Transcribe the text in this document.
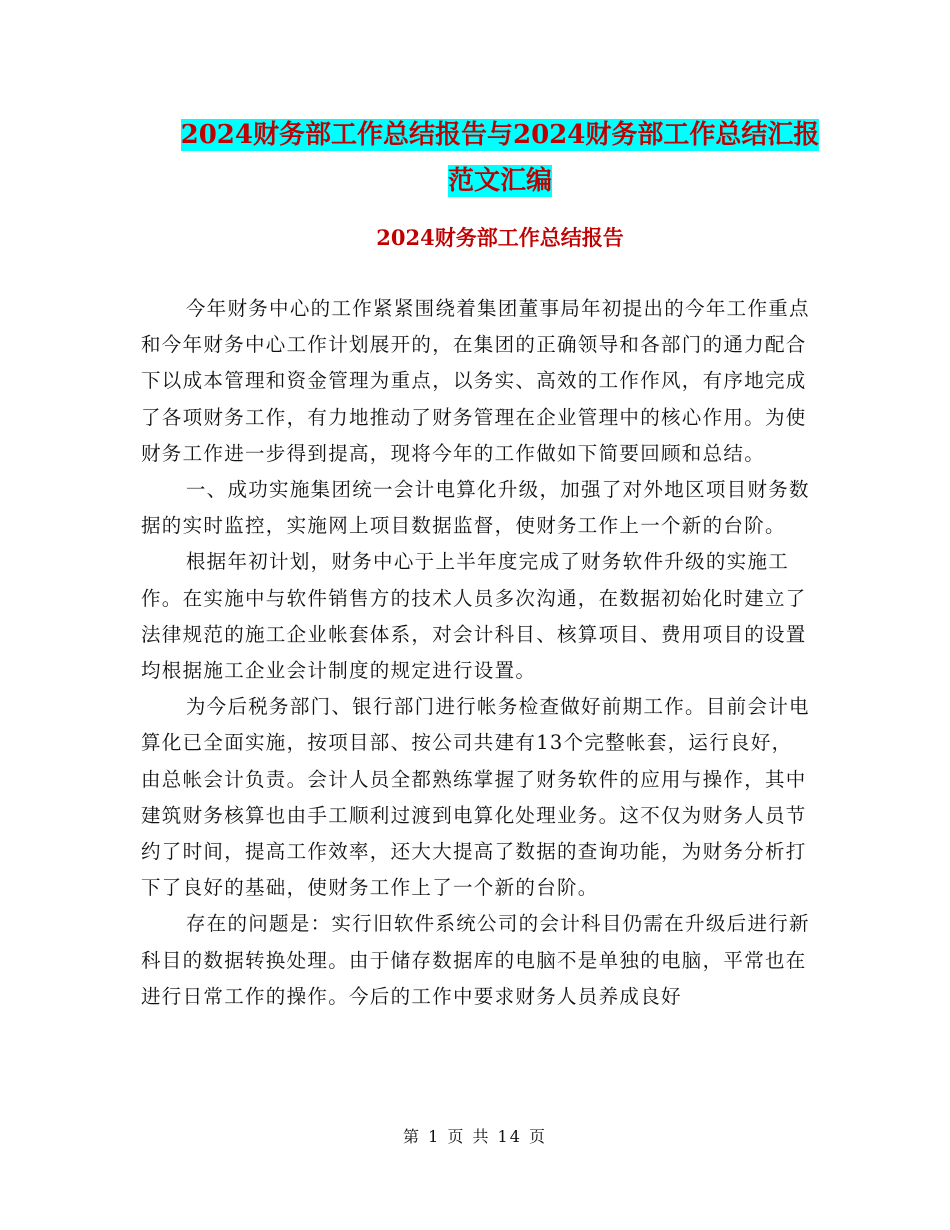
2024财务部工作总结报告与2024财务部工作总结汇报
范文汇编
2024财务部工作总结报告

今年财务中心的工作紧紧围绕着集团董事局年初提出的今年工作重点和今年财务中心工作计划展开的，在集团的正确领导和各部门的通力配合下以成本管理和资金管理为重点，以务实、高效的工作作风，有序地完成了各项财务工作，有力地推动了财务管理在企业管理中的核心作用。为使财务工作进一步得到提高，现将今年的工作做如下简要回顾和总结。

一、成功实施集团统一会计电算化升级，加强了对外地区项目财务数据的实时监控，实施网上项目数据监督，使财务工作上一个新的台阶。

根据年初计划，财务中心于上半年度完成了财务软件升级的实施工作。在实施中与软件销售方的技术人员多次沟通，在数据初始化时建立了法律规范的施工企业帐套体系，对会计科目、核算项目、费用项目的设置均根据施工企业会计制度的规定进行设置。

为今后税务部门、银行部门进行帐务检查做好前期工作。目前会计电算化已全面实施，按项目部、按公司共建有13个完整帐套，运行良好，由总帐会计负责。会计人员全都熟练掌握了财务软件的应用与操作，其中建筑财务核算也由手工顺利过渡到电算化处理业务。这不仅为财务人员节约了时间，提高工作效率，还大大提高了数据的查询功能，为财务分析打下了良好的基础，使财务工作上了一个新的台阶。

存在的问题是：实行旧软件系统公司的会计科目仍需在升级后进行新科目的数据转换处理。由于储存数据库的电脑不是单独的电脑，平常也在进行日常工作的操作。今后的工作中要求财务人员养成良好

第 1 页 共 14 页
